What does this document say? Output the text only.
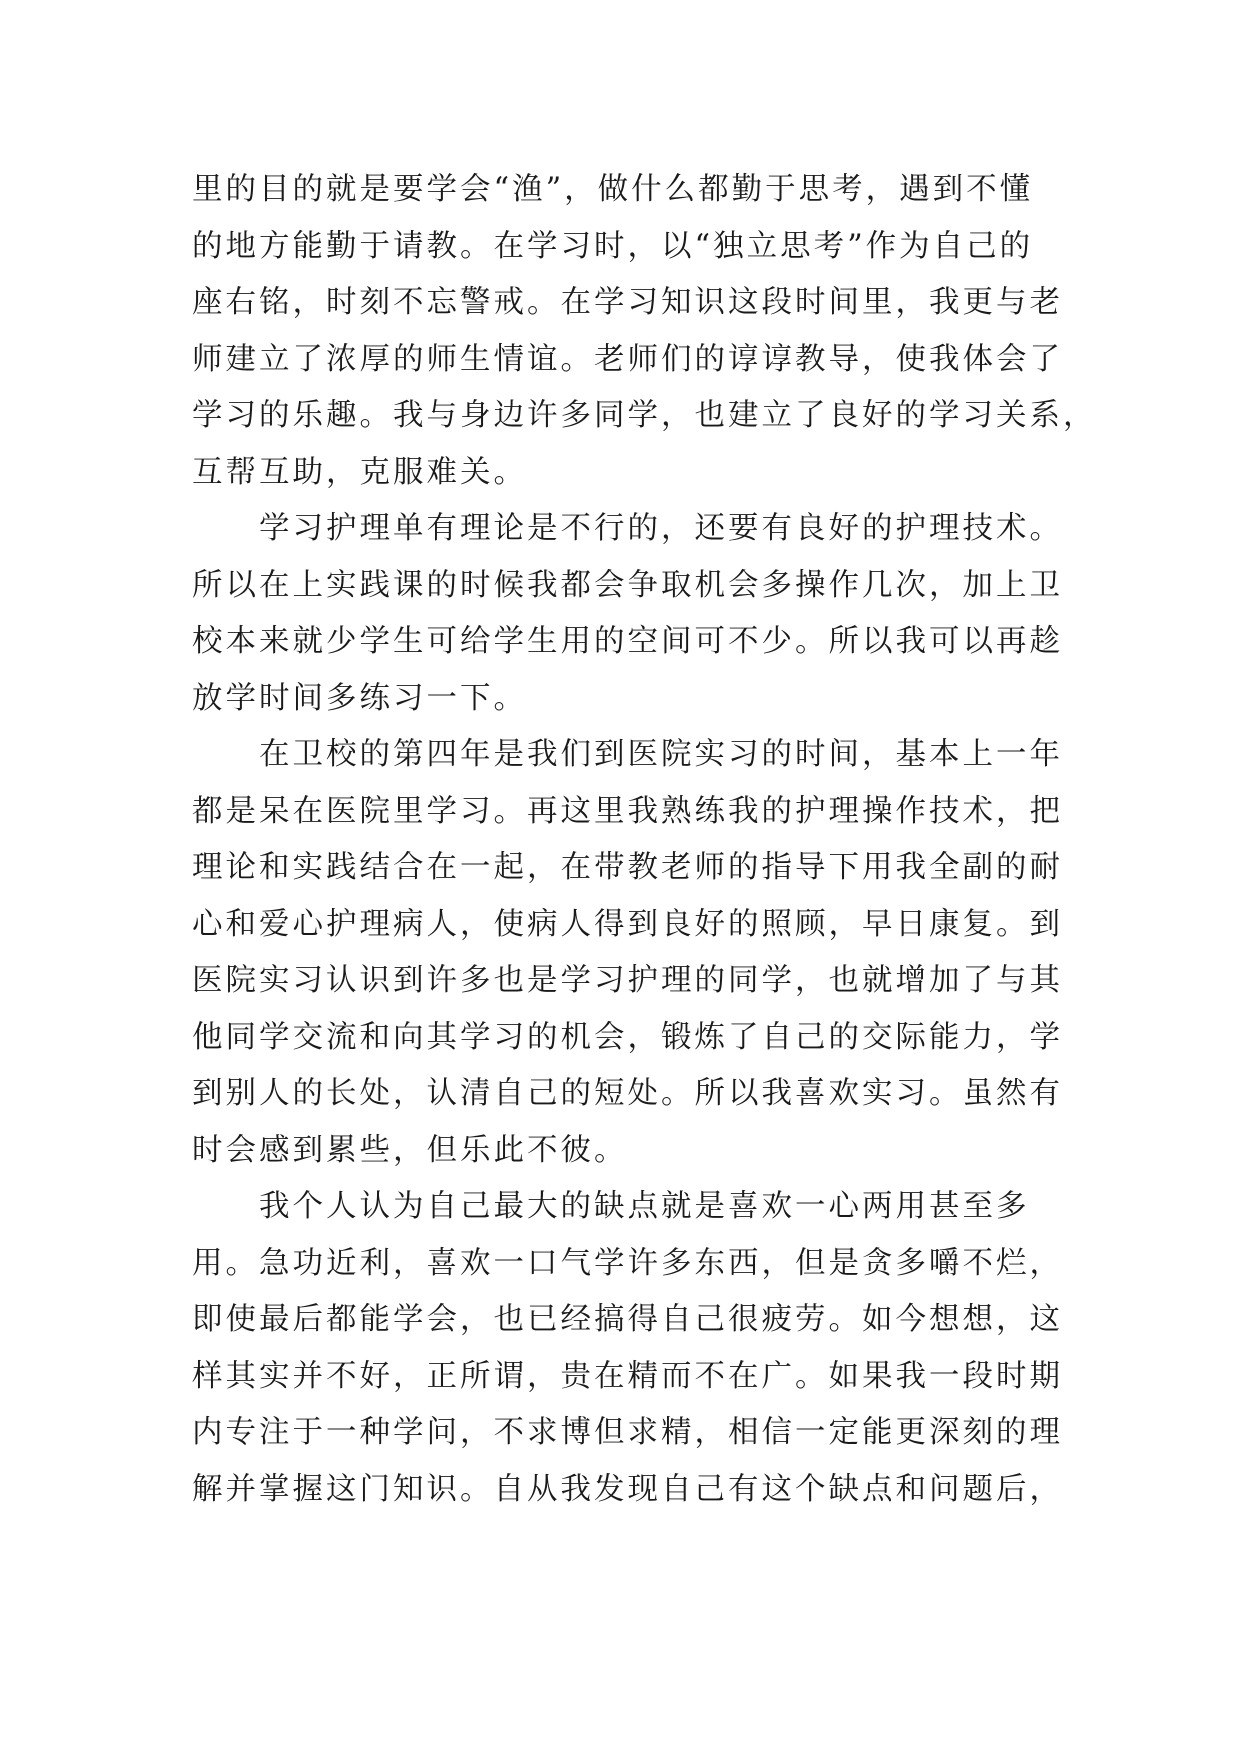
里的目的就是要学会“渔”，做什么都勤于思考，遇到不懂
的地方能勤于请教。在学习时，以“独立思考”作为自己的
座右铭，时刻不忘警戒。在学习知识这段时间里，我更与老
师建立了浓厚的师生情谊。老师们的谆谆教导，使我体会了
学习的乐趣。我与身边许多同学，也建立了良好的学习关系，
互帮互助，克服难关。
　　学习护理单有理论是不行的，还要有良好的护理技术。
所以在上实践课的时候我都会争取机会多操作几次，加上卫
校本来就少学生可给学生用的空间可不少。所以我可以再趁
放学时间多练习一下。
　　在卫校的第四年是我们到医院实习的时间，基本上一年
都是呆在医院里学习。再这里我熟练我的护理操作技术，把
理论和实践结合在一起，在带教老师的指导下用我全副的耐
心和爱心护理病人，使病人得到良好的照顾，早日康复。到
医院实习认识到许多也是学习护理的同学，也就增加了与其
他同学交流和向其学习的机会，锻炼了自己的交际能力，学
到别人的长处，认清自己的短处。所以我喜欢实习。虽然有
时会感到累些，但乐此不彼。
　　我个人认为自己最大的缺点就是喜欢一心两用甚至多
用。急功近利，喜欢一口气学许多东西，但是贪多嚼不烂，
即使最后都能学会，也已经搞得自己很疲劳。如今想想，这
样其实并不好，正所谓，贵在精而不在广。如果我一段时期
内专注于一种学问，不求博但求精，相信一定能更深刻的理
解并掌握这门知识。自从我发现自己有这个缺点和问题后，
